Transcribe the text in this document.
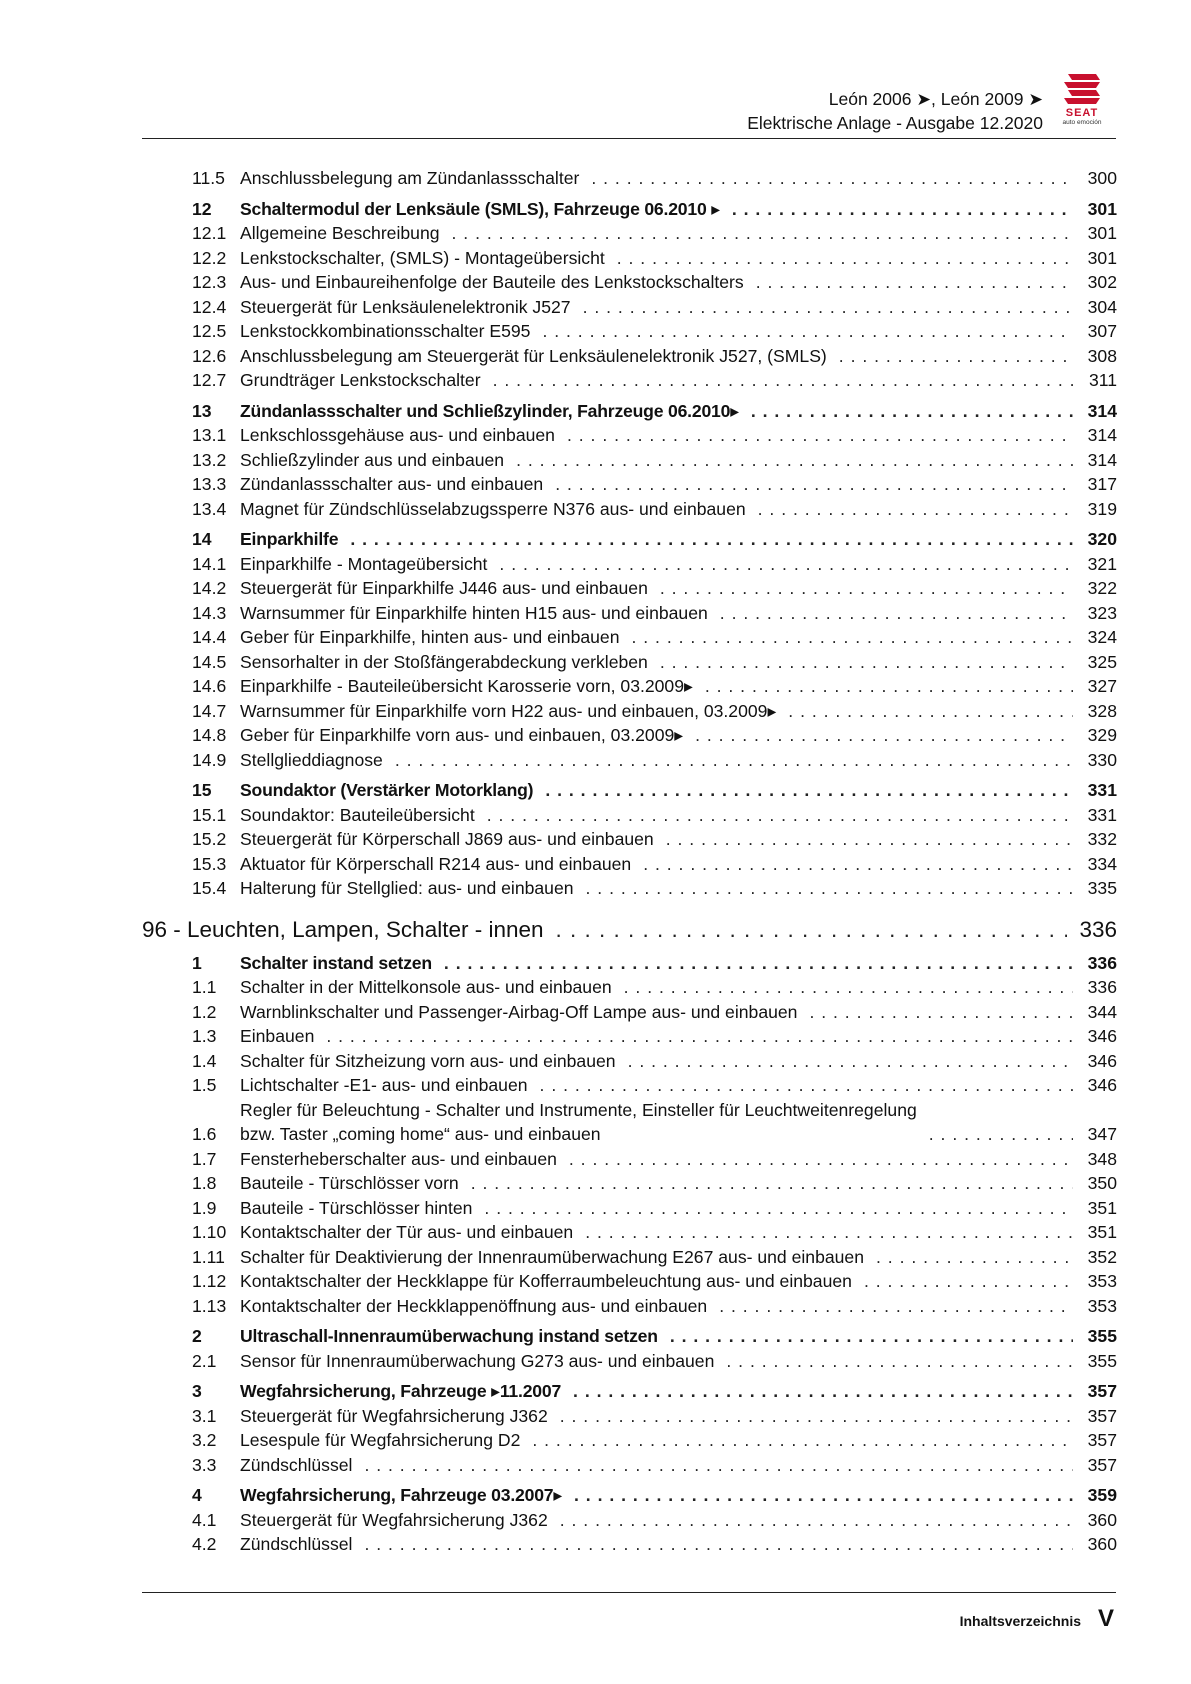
León 2006 ➤, León 2009 ➤
Elektrische Anlage - Ausgabe 12.2020 SEAT
auto emoción
11.5 Anschlussbelegung am Zündanlassschalter . . .	300
12	Schaltermodul der Lenksäule (SMLS), Fahrzeuge 06.2010 ▸ . . .	301
12.1 Allgemeine Beschreibung . . .	301
12.2 Lenkstockschalter, (SMLS) - Montageübersicht . . .	301
12.3 Aus- und Einbaureihenfolge der Bauteile des Lenkstockschalters . . .	302
12.4 Steuergerät für Lenksäulenelektronik J527 . . .	304
12.5 Lenkstockkombinationsschalter E595 . . .	307
12.6 Anschlussbelegung am Steuergerät für Lenksäulenelektronik J527, (SMLS) . . .	308
12.7 Grundträger Lenkstockschalter . . .	311
13	Zündanlassschalter und Schließzylinder, Fahrzeuge 06.2010▸ . . .	314
13.1 Lenkschlossgehäuse aus- und einbauen . . .	314
13.2 Schließzylinder aus und einbauen . . .	314
13.3 Zündanlassschalter aus- und einbauen . . .	317
13.4 Magnet für Zündschlüsselabzugssperre N376 aus- und einbauen . . .	319
14	Einparkhilfe . . .	320
14.1 Einparkhilfe - Montageübersicht . . .	321
14.2 Steuergerät für Einparkhilfe J446 aus- und einbauen . . .	322
14.3 Warnsummer für Einparkhilfe hinten H15 aus- und einbauen . . .	323
14.4 Geber für Einparkhilfe, hinten aus- und einbauen . . .	324
14.5 Sensorhalter in der Stoßfängerabdeckung verkleben . . .	325
14.6 Einparkhilfe - Bauteileübersicht Karosserie vorn, 03.2009▸ . . .	327
14.7 Warnsummer für Einparkhilfe vorn H22 aus- und einbauen, 03.2009▸ . . .	328
14.8 Geber für Einparkhilfe vorn aus- und einbauen, 03.2009▸ . . .	329
14.9 Stellglieddiagnose . . .	330
15	Soundaktor (Verstärker Motorklang) . . .	331
15.1 Soundaktor: Bauteileübersicht . . .	331
15.2 Steuergerät für Körperschall J869 aus- und einbauen . . .	332
15.3 Aktuator für Körperschall R214 aus- und einbauen . . .	334
15.4 Halterung für Stellglied: aus- und einbauen . . .	335
96 - Leuchten, Lampen, Schalter - innen . . .	336
1	Schalter instand setzen . . .	336
1.1	Schalter in der Mittelkonsole aus- und einbauen . . .	336
1.2	Warnblinkschalter und Passenger-Airbag-Off Lampe aus- und einbauen . . .	344
1.3	Einbauen . . .	346
1.4	Schalter für Sitzheizung vorn aus- und einbauen . . .	346
1.5	Lichtschalter -E1- aus- und einbauen . . .	346
1.6
Regler für Beleuchtung - Schalter und Instrumente, Einsteller für Leuchtweitenregelung
bzw. Taster „coming home“ aus- und einbauen . . .	347
1.7	Fensterheberschalter aus- und einbauen . . .	348
1.8	Bauteile - Türschlösser vorn . . .	350
1.9	Bauteile - Türschlösser hinten . . .	351
1.10 Kontaktschalter der Tür aus- und einbauen . . .	351
1.11 Schalter für Deaktivierung der Innenraumüberwachung E267 aus- und einbauen . . .	352
1.12 Kontaktschalter der Heckklappe für Kofferraumbeleuchtung aus- und einbauen . . .	353
1.13 Kontaktschalter der Heckklappenöffnung aus- und einbauen . . .	353
2	Ultraschall-Innenraumüberwachung instand setzen . . .	355
2.1	Sensor für Innenraumüberwachung G273 aus- und einbauen . . .	355
3	Wegfahrsicherung, Fahrzeuge ▸11.2007 . . .	357
3.1	Steuergerät für Wegfahrsicherung J362 . . .	357
3.2	Lesespule für Wegfahrsicherung D2 . . .	357
3.3	Zündschlüssel . . .	357
4	Wegfahrsicherung, Fahrzeuge 03.2007▸ . . .	359
4.1	Steuergerät für Wegfahrsicherung J362 . . .	360
4.2	Zündschlüssel . . .	360
Inhaltsverzeichnis V
